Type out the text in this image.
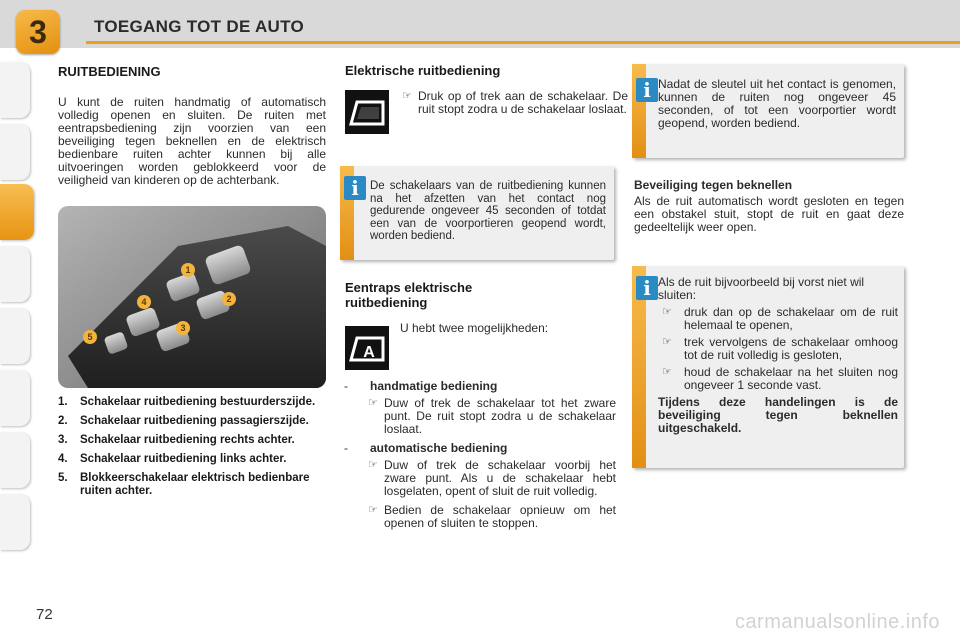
3	TOEGANG TOT DE AUTO
RUITBEDIENING
U kunt de ruiten handmatig of automatisch volledig openen en sluiten. De ruiten met eentrapsbediening zijn voorzien van een beveiliging tegen beknellen en de elektrisch bedienbare ruiten achter kunnen bij alle uitvoeringen worden geblokkeerd voor de veiligheid van kinderen op de achterbank.
1
2
3
4
5
1. Schakelaar ruitbediening bestuurderszijde.
2. Schakelaar ruitbediening passagierszijde.
3. Schakelaar ruitbediening rechts achter.
4. Schakelaar ruitbediening links achter.
5. Blokkeerschakelaar elektrisch bedienbare ruiten achter.
Elektrische ruitbediening
☞ Druk op of trek aan de schakelaar. De ruit stopt zodra u de schakelaar loslaat.
i De schakelaars van de ruitbediening kunnen na het afzetten van het contact nog gedurende ongeveer 45 seconden of totdat een van de voorportieren geopend wordt, worden bediend.
Eentraps elektrische ruitbediening
A
U hebt twee mogelijkheden:
- handmatige bediening
☞ Duw of trek de schakelaar tot het zware punt. De ruit stopt zodra u de schakelaar loslaat.
- automatische bediening
☞ Duw of trek de schakelaar voorbij het zware punt. Als u de schakelaar hebt losgelaten, opent of sluit de ruit volledig.
☞ Bedien de schakelaar opnieuw om het openen of sluiten te stoppen.
i Nadat de sleutel uit het contact is genomen, kunnen de ruiten nog ongeveer 45 seconden, of tot een voorportier wordt geopend, worden bediend.
Beveiliging tegen beknellen
Als de ruit automatisch wordt gesloten en tegen een obstakel stuit, stopt de ruit en gaat deze gedeeltelijk weer open.
i Als de ruit bijvoorbeeld bij vorst niet wil sluiten:
☞ druk dan op de schakelaar om de ruit helemaal te openen,
☞ trek vervolgens de schakelaar omhoog tot de ruit volledig is gesloten,
☞ houd de schakelaar na het sluiten nog ongeveer 1 seconde vast.
Tijdens deze handelingen is de beveiliging tegen beknellen uitgeschakeld.
72	carmanualsonline.info
